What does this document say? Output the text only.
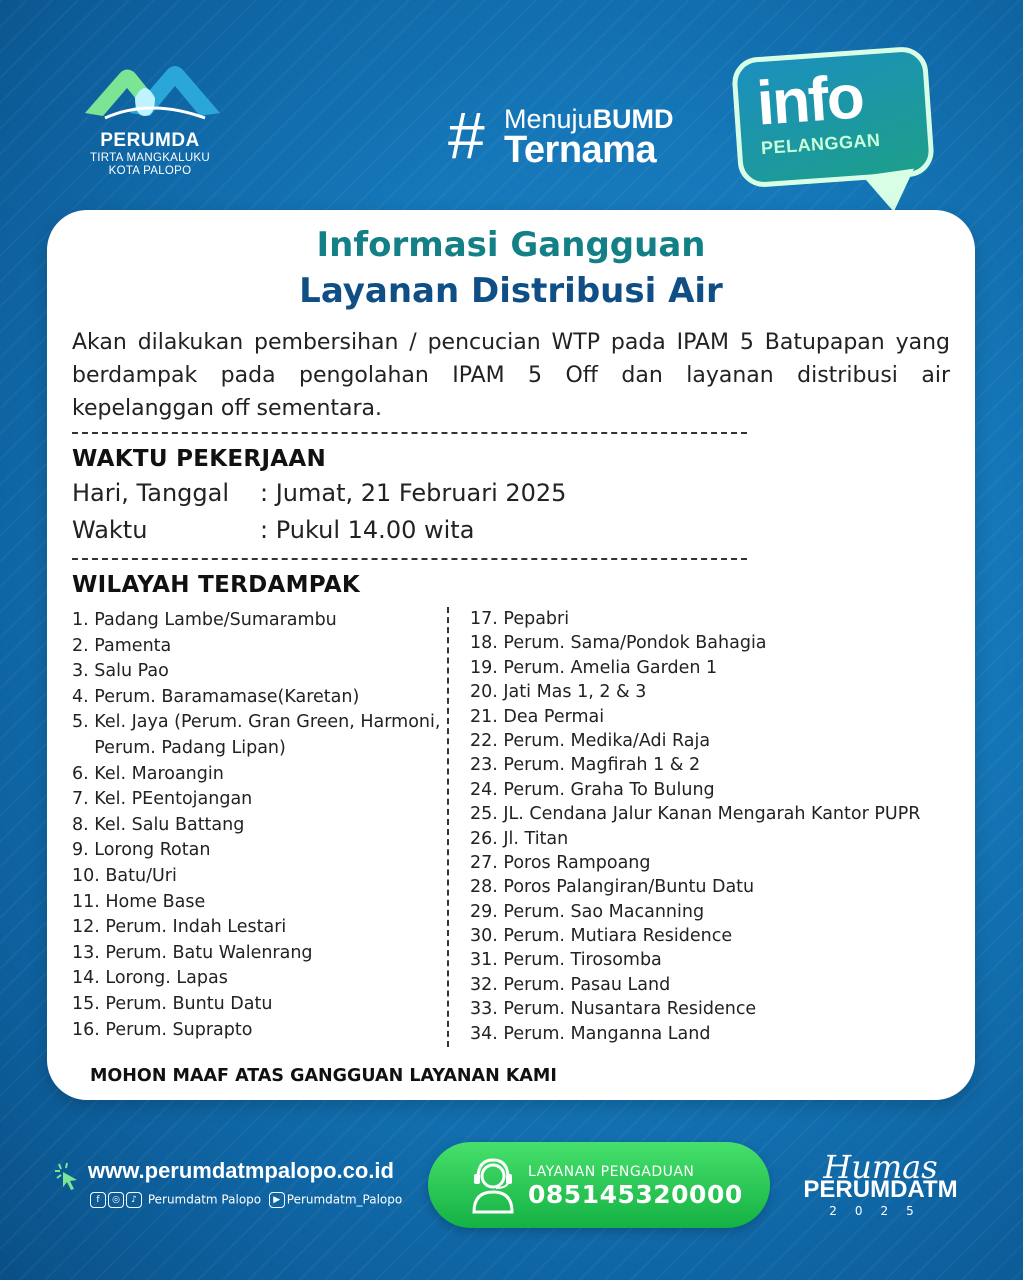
PERUMDA
TIRTA MANGKALUKU
KOTA PALOPO	# MenujuBUMD
Ternama
info
PELANGGAN
Informasi Gangguan
Layanan Distribusi Air
Akan dilakukan pembersihan / pencucian WTP pada IPAM 5 Batupapan yang berdampak pada pengolahan IPAM 5 Off dan layanan distribusi air kepelanggan off sementara.
WAKTU PEKERJAAN
Hari, Tanggal : Jumat, 21 Februari 2025
Waktu	: Pukul 14.00 wita
WILAYAH TERDAMPAK
1. Padang Lambe/Sumarambu
2. Pamenta
3. Salu Pao
4. Perum. Baramamase(Karetan)
5. Kel. Jaya (Perum. Gran Green, Harmoni,
Perum. Padang Lipan)
6. Kel. Maroangin
7. Kel. PEentojangan
8. Kel. Salu Battang
9. Lorong Rotan
10. Batu/Uri
11. Home Base
12. Perum. Indah Lestari
13. Perum. Batu Walenrang
14. Lorong. Lapas
15. Perum. Buntu Datu
16. Perum. Suprapto
17. Pepabri
18. Perum. Sama/Pondok Bahagia
19. Perum. Amelia Garden 1
20. Jati Mas 1, 2 & 3
21. Dea Permai
22. Perum. Medika/Adi Raja
23. Perum. Magfirah 1 & 2
24. Perum. Graha To Bulung
25. JL. Cendana Jalur Kanan Mengarah Kantor PUPR
26. Jl. Titan
27. Poros Rampoang
28. Poros Palangiran/Buntu Datu
29. Perum. Sao Macanning
30. Perum. Mutiara Residence
31. Perum. Tirosomba
32. Perum. Pasau Land
33. Perum. Nusantara Residence
34. Perum. Manganna Land
MOHON MAAF ATAS GANGGUAN LAYANAN KAMI
www.perumdatmpalopo.co.id
f ◎ ♪ Perumdatm Palopo ▶ Perumdatm_Palopo
LAYANAN PENGADUAN
085145320000
Humas
PERUMDATM
2025
